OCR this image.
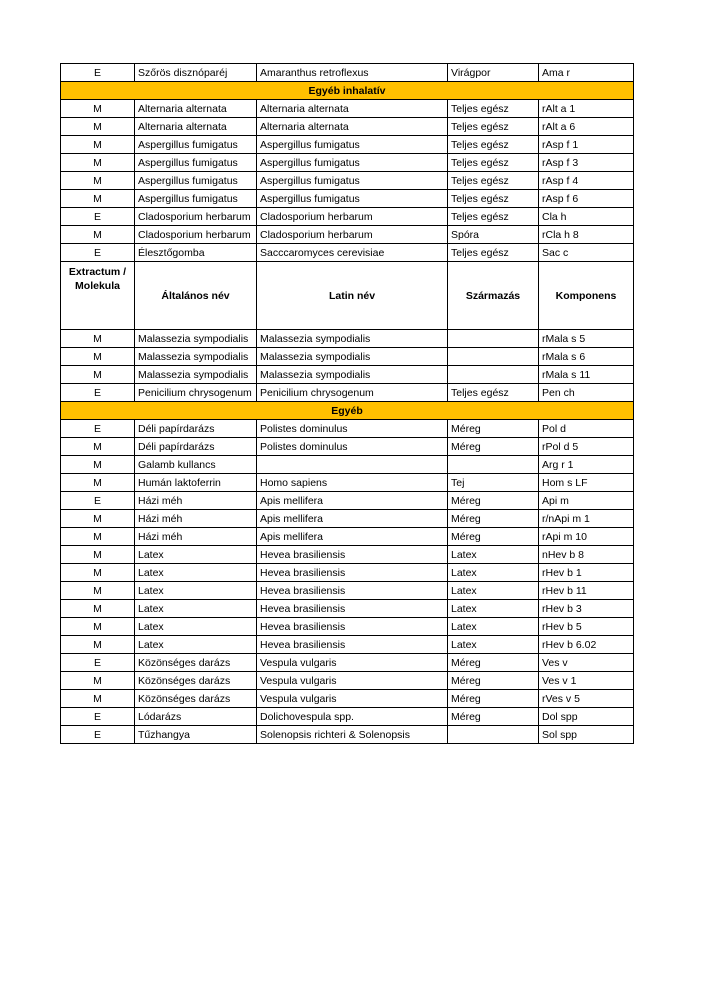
E	Szőrös disznóparéj	Amaranthus retroflexus	Virágpor	Ama r
Egyéb inhalatív				
M	Alternaria alternata	Alternaria alternata	Teljes egész	rAlt a 1
M	Alternaria alternata	Alternaria alternata	Teljes egész	rAlt a 6
M	Aspergillus fumigatus	Aspergillus fumigatus	Teljes egész	rAsp f 1
M	Aspergillus fumigatus	Aspergillus fumigatus	Teljes egész	rAsp f 3
M	Aspergillus fumigatus	Aspergillus fumigatus	Teljes egész	rAsp f 4
M	Aspergillus fumigatus	Aspergillus fumigatus	Teljes egész	rAsp f 6
E	Cladosporium herbarum	Cladosporium herbarum	Teljes egész	Cla h
M	Cladosporium herbarum	Cladosporium herbarum	Spóra	rCla h 8
E	Élesztőgomba	Sacccaromyces cerevisiae	Teljes egész	Sac c
Extractum / Molekula	Általános név	Latin név	Származás	Komponens
M	Malassezia sympodialis	Malassezia sympodialis		rMala s 5
M	Malassezia sympodialis	Malassezia sympodialis		rMala s 6
M	Malassezia sympodialis	Malassezia sympodialis		rMala s 11
E	Penicilium chrysogenum	Penicilium chrysogenum	Teljes egész	Pen ch
Egyéb				
E	Déli papírdarázs	Polistes dominulus	Méreg	Pol d
M	Déli papírdarázs	Polistes dominulus	Méreg	rPol d 5
M	Galamb kullancs			Arg r 1
M	Humán laktoferrin	Homo sapiens	Tej	Hom s LF
E	Házi méh	Apis mellifera	Méreg	Api m
M	Házi méh	Apis mellifera	Méreg	r/nApi m 1
M	Házi méh	Apis mellifera	Méreg	rApi m 10
M	Latex	Hevea brasiliensis	Latex	nHev b 8
M	Latex	Hevea brasiliensis	Latex	rHev b 1
M	Latex	Hevea brasiliensis	Latex	rHev b 11
M	Latex	Hevea brasiliensis	Latex	rHev b 3
M	Latex	Hevea brasiliensis	Latex	rHev b 5
M	Latex	Hevea brasiliensis	Latex	rHev b 6.02
E	Közönséges darázs	Vespula vulgaris	Méreg	Ves v
M	Közönséges darázs	Vespula vulgaris	Méreg	Ves v 1
M	Közönséges darázs	Vespula vulgaris	Méreg	rVes v 5
E	Lódarázs	Dolichovespula spp.	Méreg	Dol spp
E	Tűzhangya	Solenopsis richteri & Solenopsis		Sol spp
